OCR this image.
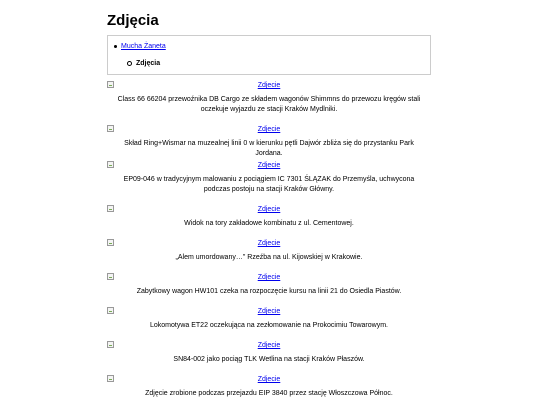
Zdjęcia
Mucha Żaneta
Zdjęcia
Zdjecie
Class 66 66204 przewoźnika DB Cargo ze składem wagonów Shimmns do przewozu kręgów stali oczekuje wyjazdu ze stacji Kraków Mydlniki.
Zdjecie
Skład Ring+Wismar na muzealnej linii 0 w kierunku pętli Dajwór zbliża się do przystanku Park Jordana.
Zdjecie
EP09-046 w tradycyjnym malowaniu z pociągiem IC 7301 ŚLĄZAK do Przemyśla, uchwycona podczas postoju na stacji Kraków Główny.
Zdjecie
Widok na tory zakładowe kombinatu z ul. Cementowej.
Zdjecie
„Alem umordowany…" Rzeźba na ul. Kijowskiej w Krakowie.
Zdjecie
Zabytkowy wagon HW101 czeka na rozpoczęcie kursu na linii 21 do Osiedla Piastów.
Zdjecie
Lokomotywa ET22 oczekująca na zezłomowanie na Prokocimiu Towarowym.
Zdjecie
SN84-002 jako pociąg TLK Wetlina na stacji Kraków Płaszów.
Zdjecie
Zdjęcie zrobione podczas przejazdu EIP 3840 przez stację Włoszczowa Północ.
